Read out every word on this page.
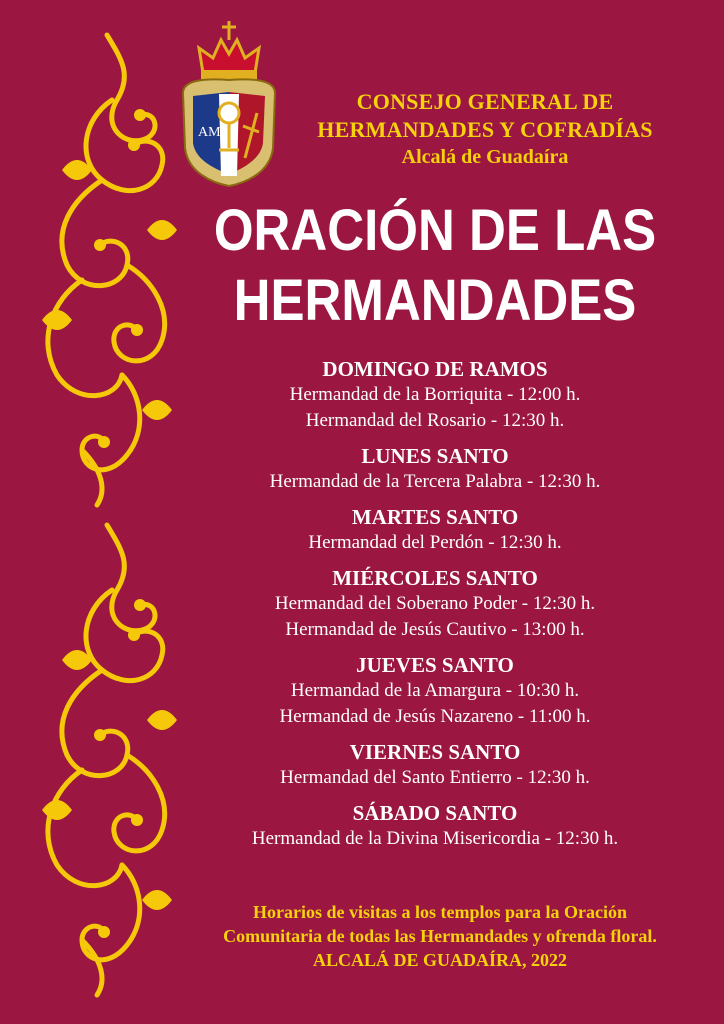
AM
CONSEJO GENERAL DE
HERMANDADES Y COFRADÍAS
Alcalá de Guadaíra
ORACIÓN DE LAS
HERMANDADES
DOMINGO DE RAMOS
Hermandad de la Borriquita - 12:00 h.
Hermandad del Rosario - 12:30 h.
LUNES SANTO
Hermandad de la Tercera Palabra - 12:30 h.
MARTES SANTO
Hermandad del Perdón - 12:30 h.
MIÉRCOLES SANTO
Hermandad del Soberano Poder - 12:30 h.
Hermandad de Jesús Cautivo - 13:00 h.
JUEVES SANTO
Hermandad de la Amargura - 10:30 h.
Hermandad de Jesús Nazareno - 11:00 h.
VIERNES SANTO
Hermandad del Santo Entierro - 12:30 h.
SÁBADO SANTO
Hermandad de la Divina Misericordia - 12:30 h.
Horarios de visitas a los templos para la Oración
Comunitaria de todas las Hermandades y ofrenda floral.
ALCALÁ DE GUADAÍRA, 2022
